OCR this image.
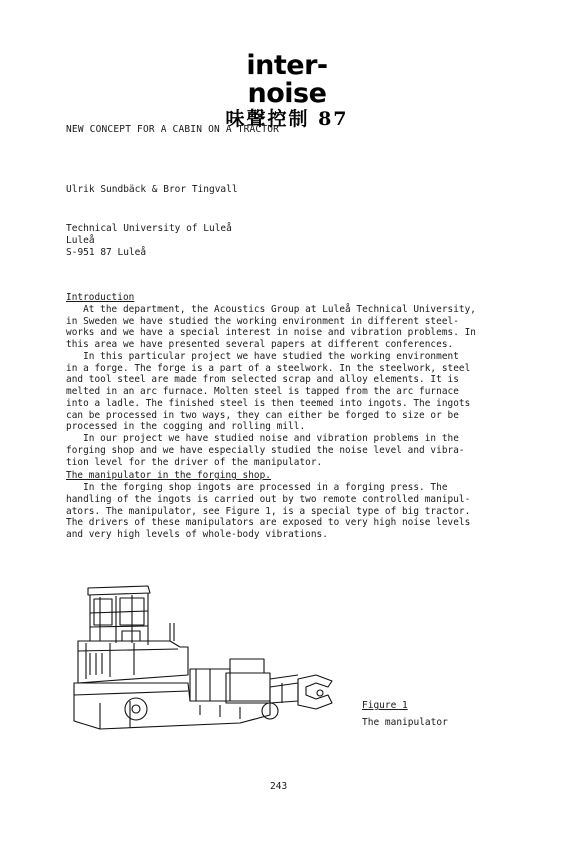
inter-noise
味聲控制 87
NEW CONCEPT FOR A CABIN ON A TRACTOR
Ulrik Sundbäck & Bror Tingvall
Technical University of Luleå
Luleå
S-951 87 Luleå

Introduction

At the department, the Acoustics Group at Luleå Technical University,

in Sweden we have studied the working environment in different steel-

works and we have a special interest in noise and vibration problems. In

this area we have presented several papers at different conferences.

In this particular project we have studied the working environment

in a forge. The forge is a part of a steelwork. In the steelwork, steel

and tool steel are made from selected scrap and alloy elements. It is

melted in an arc furnace. Molten steel is tapped from the arc furnace

into a ladle. The finished steel is then teemed into ingots. The ingots

can be processed in two ways, they can either be forged to size or be

processed in the cogging and rolling mill.

In our project we have studied noise and vibration problems in the

forging shop and we have especially studied the noise level and vibra-

tion level for the driver of the manipulator.

The manipulator in the forging shop.

In the forging shop ingots are processed in a forging press. The

handling of the ingots is carried out by two remote controlled manipul-

ators. The manipulator, see Figure 1, is a special type of big tractor.

The drivers of these manipulators are exposed to very high noise levels

and very high levels of whole-body vibrations.

Figure 1
The manipulator
243
